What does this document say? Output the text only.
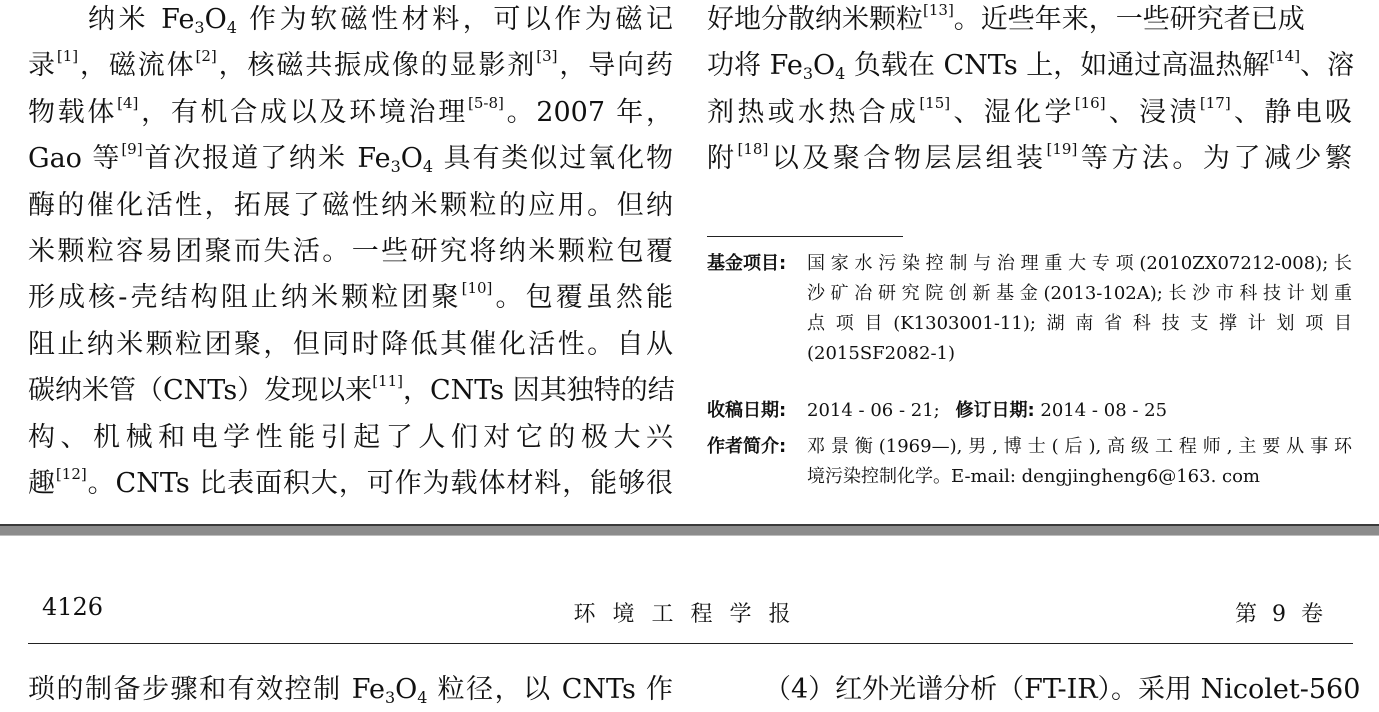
纳米 $Fe_3O_4$ 作为软磁性材料，可以作为磁记
录[1]，磁流体[2]，核磁共振成像的显影剂[3]，导向药
物载体[4]，有机合成以及环境治理[5-8]。2007 年，
Gao 等[9]首次报道了纳米 $Fe_3O_4$ 具有类似过氧化物
酶的催化活性，拓展了磁性纳米颗粒的应用。但纳
米颗粒容易团聚而失活。一些研究将纳米颗粒包覆
形成核-壳结构阻止纳米颗粒团聚[10]。包覆虽然能
阻止纳米颗粒团聚，但同时降低其催化活性。自从
碳纳米管（CNTs）发现以来[11]，CNTs 因其独特的结
构、机械和电学性能引起了人们对它的极大兴
趣[12]。CNTs 比表面积大，可作为载体材料，能够很
好地分散纳米颗粒[13]。近些年来，一些研究者已成
功将 $Fe_3O_4$ 负载在 CNTs 上，如通过高温热解[14]、溶
剂热或水热合成[15]、湿化学[16]、浸渍[17]、静电吸
附[18]以及聚合物层层组装[19]等方法。为了减少繁
基金项目:	国家水污染控制与治理重大专项(2010ZX07212-008);长
沙矿冶研究院创新基金(2013-102A);长沙市科技计划重
点项目(K1303001-11);湖南省科技支撑计划项目
(2015SF2082-1)
收稿日期:	2014 - 06 - 21; 修订日期: 2014 - 08 - 25
作者简介:	邓景衡(1969—),男,博士(后),高级工程师,主要从事环
境污染控制化学。E-mail: dengjingheng6@163. com
4126	环境工程学报	第 9 卷
琐的制备步骤和有效控制 $Fe_3O_4$ 粒径，以 CNTs 作	（4）红外光谱分析（FT-IR）。采用 Nicolet-560
